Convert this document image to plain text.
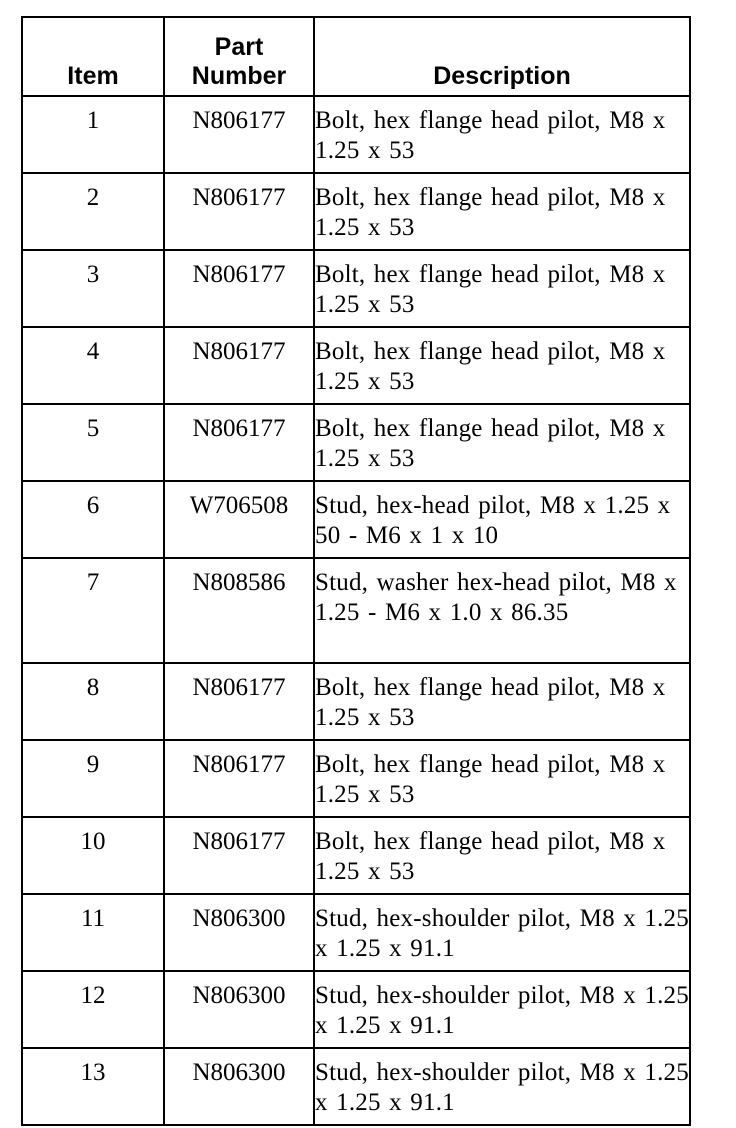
Item	Part Number	Description
1	N806177	Bolt, hex flange head pilot, M8 x 1.25 x 53
2	N806177	Bolt, hex flange head pilot, M8 x 1.25 x 53
3	N806177	Bolt, hex flange head pilot, M8 x 1.25 x 53
4	N806177	Bolt, hex flange head pilot, M8 x 1.25 x 53
5	N806177	Bolt, hex flange head pilot, M8 x 1.25 x 53
6	W706508	Stud, hex-head pilot, M8 x 1.25 x 50 - M6 x 1 x 10
7	N808586	Stud, washer hex-head pilot, M8 x 1.25 - M6 x 1.0 x 86.35
8	N806177	Bolt, hex flange head pilot, M8 x 1.25 x 53
9	N806177	Bolt, hex flange head pilot, M8 x 1.25 x 53
10	N806177	Bolt, hex flange head pilot, M8 x 1.25 x 53
11	N806300	Stud, hex-shoulder pilot, M8 x 1.25 x 1.25 x 91.1
12	N806300	Stud, hex-shoulder pilot, M8 x 1.25 x 1.25 x 91.1
13	N806300	Stud, hex-shoulder pilot, M8 x 1.25 x 1.25 x 91.1
